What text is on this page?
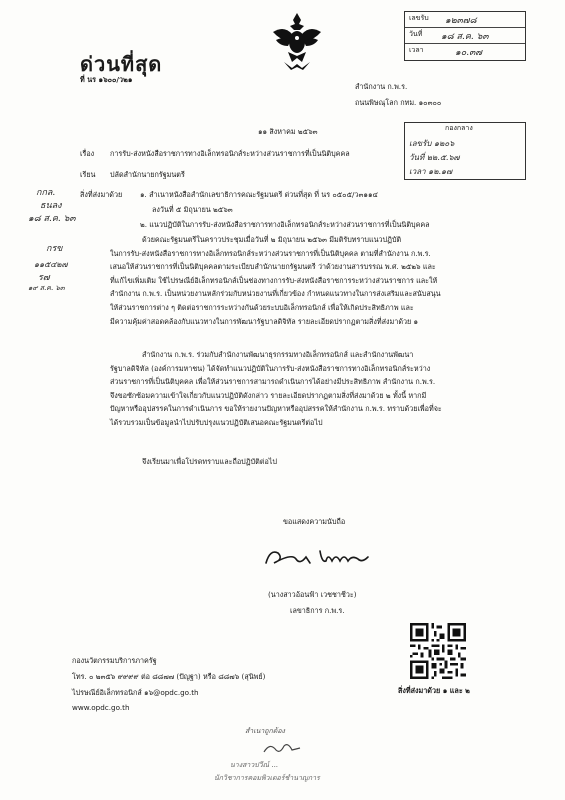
ด่วนที่สุด
ที่ นร ๑๖๐๐/ว๒๑
เลขรับ
วันที่
เวลา
๑๒๓๗๘
๑๘ ส.ค. ๖๓
๑๐.๓๗
สำนักงาน ก.พ.ร.
ถนนพิษณุโลก กทม. ๑๐๓๐๐
๑๑ สิงหาคม ๒๕๖๓
เรื่อง การรับ-ส่งหนังสือราชการทางอิเล็กทรอนิกส์ระหว่างส่วนราชการที่เป็นนิติบุคคล
กองกลาง
เลขรับ ๑๒๐๖
วันที่ ๒๒.๕.๖๗
เวลา ๑๒.๑๗
เรียน ปลัดสำนักนายกรัฐมนตรี
สิ่งที่ส่งมาด้วย ๑. สำเนาหนังสือสำนักเลขาธิการคณะรัฐมนตรี ด่วนที่สุด ที่ นร ๐๕๐๕/ว๓๑๑๔
ลงวันที่ ๕ มิถุนายน ๒๕๖๓
๒. แนวปฏิบัติในการรับ-ส่งหนังสือราชการทางอิเล็กทรอนิกส์ระหว่างส่วนราชการที่เป็นนิติบุคคล
กกล.
ธนลง
๑๘ ส.ค. ๖๓
กรข
๑๑๕๔๒๗
ร๗
๑๙ ส.ค. ๖๓
ด้วยคณะรัฐมนตรีในคราวประชุมเมื่อวันที่ ๒ มิถุนายน ๒๕๖๓ มีมติรับทราบแนวปฏิบัติ
ในการรับ-ส่งหนังสือราชการทางอิเล็กทรอนิกส์ระหว่างส่วนราชการที่เป็นนิติบุคคล ตามที่สำนักงาน ก.พ.ร.
เสนอให้ส่วนราชการที่เป็นนิติบุคคลตามระเบียบสำนักนายกรัฐมนตรี ว่าด้วยงานสารบรรณ พ.ศ. ๒๕๒๖ และ
ที่แก้ไขเพิ่มเติม ใช้ไปรษณีย์อิเล็กทรอนิกส์เป็นช่องทางการรับ-ส่งหนังสือราชการระหว่างส่วนราชการ และให้
สำนักงาน ก.พ.ร. เป็นหน่วยงานหลักร่วมกับหน่วยงานที่เกี่ยวข้อง กำหนดแนวทางในการส่งเสริมและสนับสนุน
ให้ส่วนราชการต่าง ๆ ติดต่อราชการระหว่างกันด้วยระบบอิเล็กทรอนิกส์ เพื่อให้เกิดประสิทธิภาพ และ
มีความคุ้มค่าสอดคล้องกับแนวทางในการพัฒนารัฐบาลดิจิทัล รายละเอียดปรากฏตามสิ่งที่ส่งมาด้วย ๑
สำนักงาน ก.พ.ร. ร่วมกับสำนักงานพัฒนาธุรกรรมทางอิเล็กทรอนิกส์ และสำนักงานพัฒนา
รัฐบาลดิจิทัล (องค์การมหาชน) ได้จัดทำแนวปฏิบัติในการรับ-ส่งหนังสือราชการทางอิเล็กทรอนิกส์ระหว่าง
ส่วนราชการที่เป็นนิติบุคคล เพื่อให้ส่วนราชการสามารถดำเนินการได้อย่างมีประสิทธิภาพ สำนักงาน ก.พ.ร.
จึงขอซักซ้อมความเข้าใจเกี่ยวกับแนวปฏิบัติดังกล่าว รายละเอียดปรากฏตามสิ่งที่ส่งมาด้วย ๒ ทั้งนี้ หากมี
ปัญหาหรืออุปสรรคในการดำเนินการ ขอให้รายงานปัญหาหรืออุปสรรคให้สำนักงาน ก.พ.ร. ทราบด้วยเพื่อที่จะ
ได้รวบรวมเป็นข้อมูลนำไปปรับปรุงแนวปฏิบัติเสนอคณะรัฐมนตรีต่อไป
จึงเรียนมาเพื่อโปรดทราบและถือปฏิบัติต่อไป
ขอแสดงความนับถือ
(นางสาวอ้อนฟ้า เวชชาชีวะ)
เลขาธิการ ก.พ.ร.
กองนวัตกรรมบริการภาครัฐ
โทร. ๐ ๒๓๕๖ ๙๙๙๙ ต่อ ๘๘๗๗ (ปัญฐา) หรือ ๘๘๗๖ (สุนิพย์)
ไปรษณีย์อิเล็กทรอนิกส์ ๑๖@opdc.go.th
www.opdc.go.th
สิ่งที่ส่งมาด้วย ๑ และ ๒
สำเนาถูกต้อง
นางสาวปวีณ์ ...
นักวิชาการคอมพิวเตอร์ชำนาญการ
